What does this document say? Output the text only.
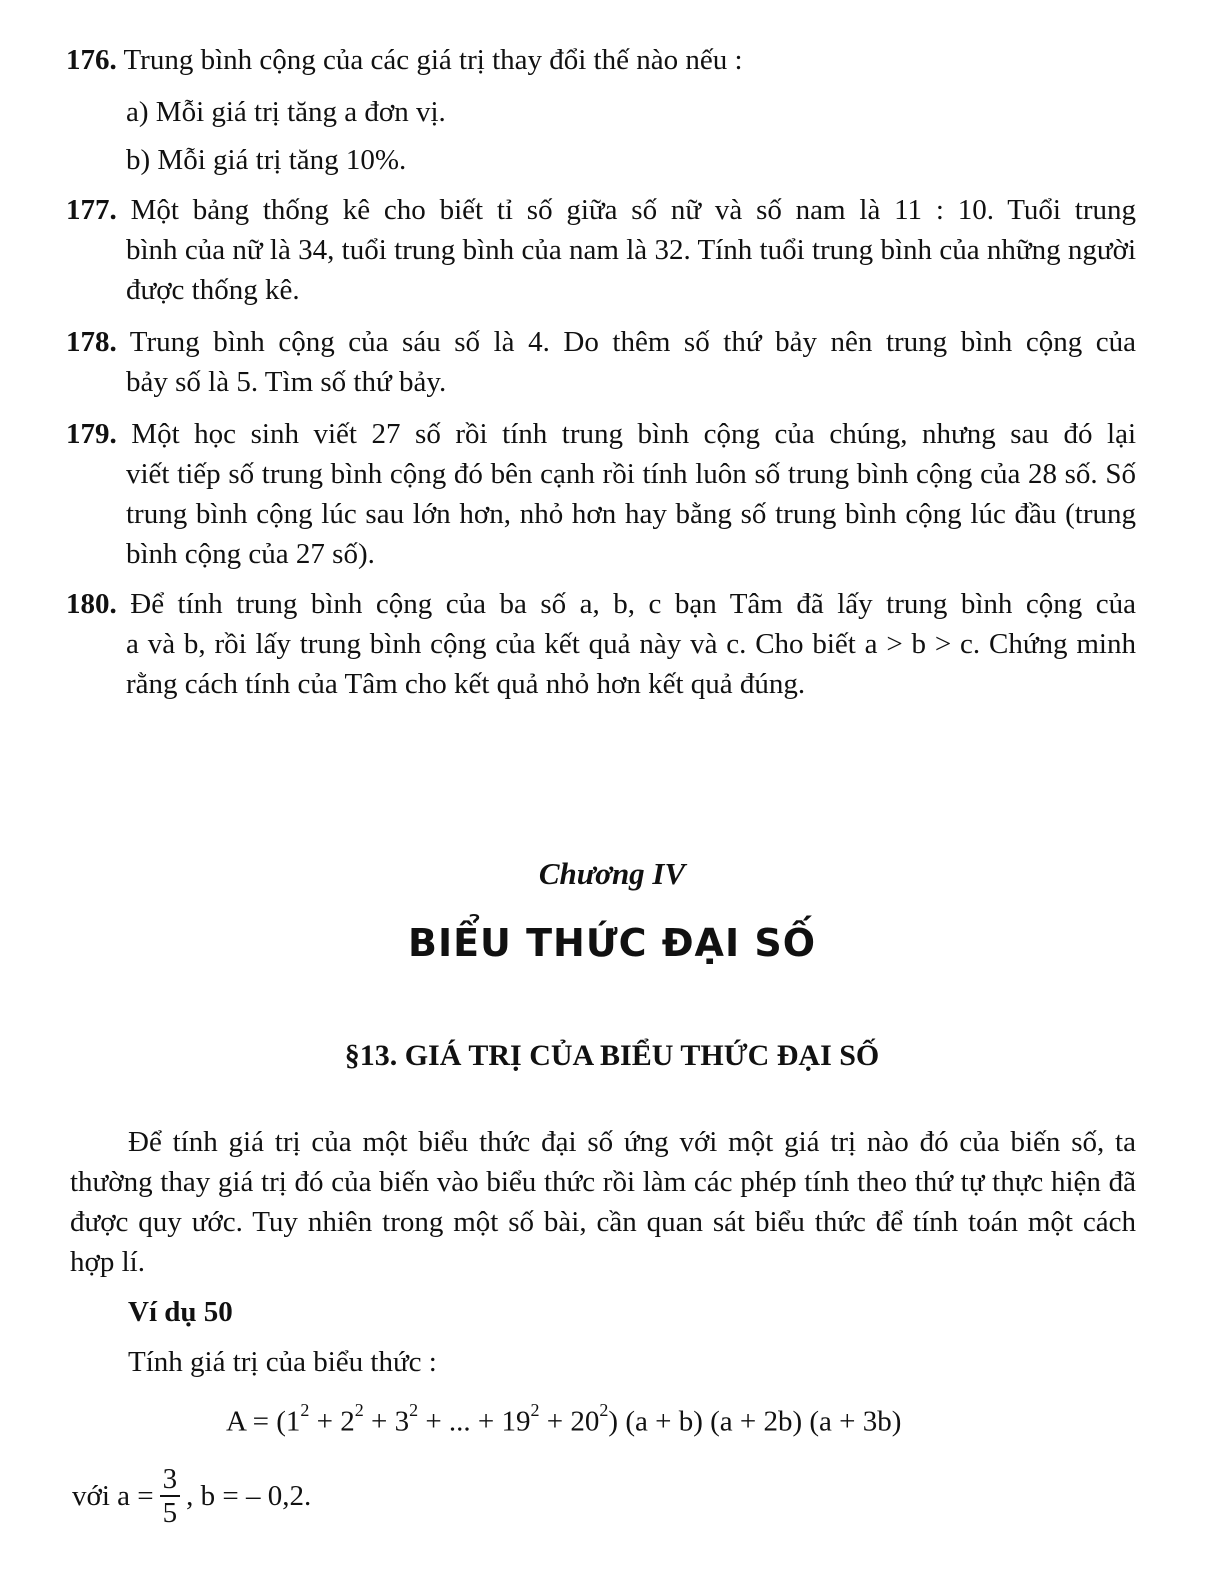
176. Trung bình cộng của các giá trị thay đổi thế nào nếu :
a) Mỗi giá trị tăng a đơn vị.
b) Mỗi giá trị tăng 10%.
177. Một bảng thống kê cho biết tỉ số giữa số nữ và số nam là 11 : 10. Tuổi trung
bình của nữ là 34, tuổi trung bình của nam là 32. Tính tuổi trung bình của những người được thống kê.
178. Trung bình cộng của sáu số là 4. Do thêm số thứ bảy nên trung bình cộng của
bảy số là 5. Tìm số thứ bảy.
179. Một học sinh viết 27 số rồi tính trung bình cộng của chúng, nhưng sau đó lại
viết tiếp số trung bình cộng đó bên cạnh rồi tính luôn số trung bình cộng của 28 số. Số trung bình cộng lúc sau lớn hơn, nhỏ hơn hay bằng số trung bình cộng lúc đầu (trung bình cộng của 27 số).
180. Để tính trung bình cộng của ba số a, b, c bạn Tâm đã lấy trung bình cộng của
a và b, rồi lấy trung bình cộng của kết quả này và c. Cho biết a > b > c. Chứng minh rằng cách tính của Tâm cho kết quả nhỏ hơn kết quả đúng.
Chương IV
BIỂU THỨC ĐẠI SỐ
§13. GIÁ TRỊ CỦA BIỂU THỨC ĐẠI SỐ
Để tính giá trị của một biểu thức đại số ứng với một giá trị nào đó của biến số, ta thường thay giá trị đó của biến vào biểu thức rồi làm các phép tính theo thứ tự thực hiện đã được quy ước. Tuy nhiên trong một số bài, cần quan sát biểu thức để tính toán một cách hợp lí.
Ví dụ 50
Tính giá trị của biểu thức :
$A = (1^2 + 2^2 + 3^2$ + ... + $19^2 + 20^2$) (a + b) (a + 2b) (a + 3b)
với $a = \frac{3}{5}$ , b = – 0,2.
